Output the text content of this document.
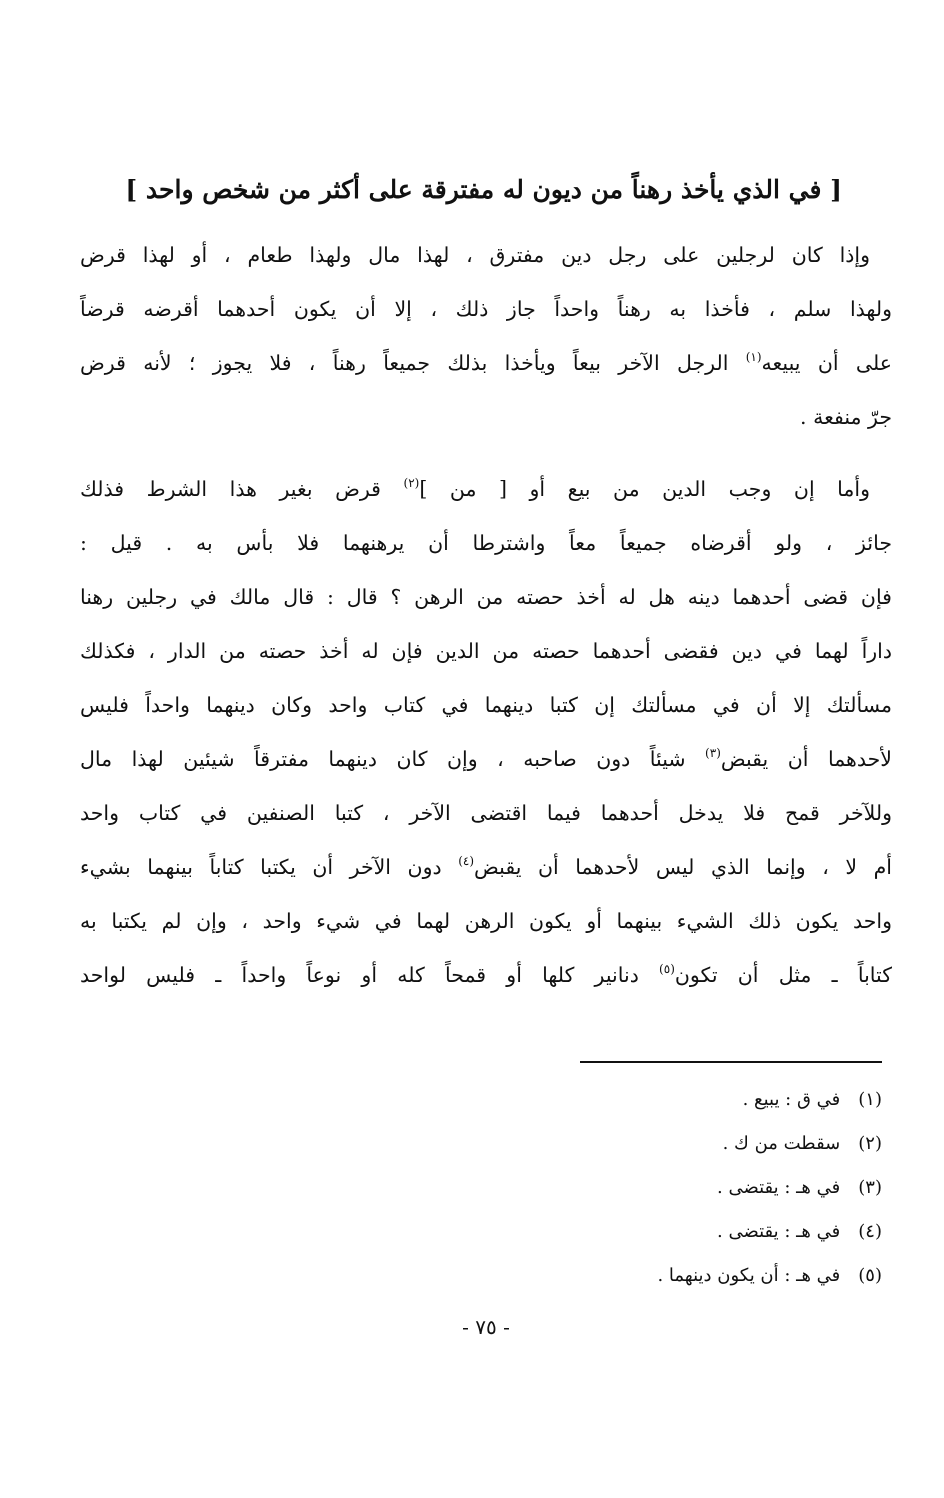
[ في الذي يأخذ رهناً من ديون له مفترقة على أكثر من شخص واحد ]

وإذا كان لرجلين على رجل دين مفترق ، لهذا مال ولهذا طعام ، أو لهذا قرض
ولهذا سلم ، فأخذا به رهناً واحداً جاز ذلك ، إلا أن يكون أحدهما أقرضه قرضاً
على أن يبيعه$^{(١)}$ الرجل الآخر بيعاً ويأخذا بذلك جميعاً رهناً ، فلا يجوز ؛ لأنه قرض
جرّ منفعة .

وأما إن وجب الدين من بيع أو [ من ]$^{(٢)}$ قرض بغير هذا الشرط فذلك
جائز ، ولو أقرضاه جميعاً معاً واشترطا أن يرهنهما فلا بأس به . قيل :
فإن قضى أحدهما دينه هل له أخذ حصته من الرهن ؟ قال : قال مالك في رجلين رهنا
داراً لهما في دين فقضى أحدهما حصته من الدين فإن له أخذ حصته من الدار ، فكذلك
مسألتك إلا أن في مسألتك إن كتبا دينهما في كتاب واحد وكان دينهما واحداً فليس
لأحدهما أن يقبض$^{(٣)}$ شيئاً دون صاحبه ، وإن كان دينهما مفترقاً شيئين لهذا مال
وللآخر قمح فلا يدخل أحدهما فيما اقتضى الآخر ، كتبا الصنفين في كتاب واحد
أم لا ، وإنما الذي ليس لأحدهما أن يقبض$^{(٤)}$ دون الآخر أن يكتبا كتاباً بينهما بشيء
واحد يكون ذلك الشيء بينهما أو يكون الرهن لهما في شيء واحد ، وإن لم يكتبا به
كتاباً ـ مثل أن تكون$^{(٥)}$ دنانير كلها أو قمحاً كله أو نوعاً واحداً ـ فليس لواحد

(١) في ق : يبيع .
(٢) سقطت من ك .
(٣) في هـ : يقتضى .
(٤) في هـ : يقتضى .
(٥) في هـ : أن يكون دينهما .
- ٧٥ -
